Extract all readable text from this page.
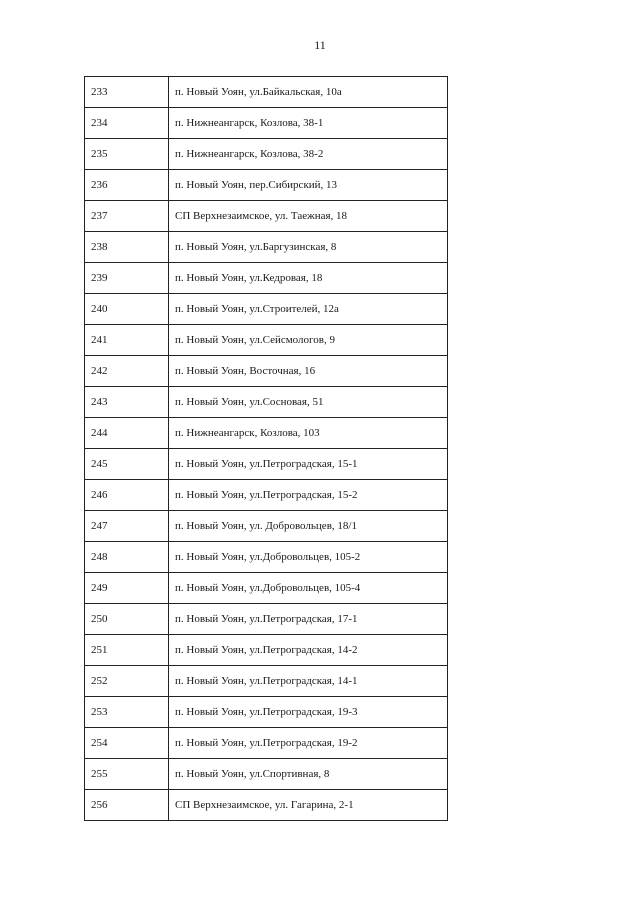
11
233	п. Новый Уоян, ул.Байкальская, 10а
234	п. Нижнеангарск, Козлова, 38-1
235	п. Нижнеангарск, Козлова, 38-2
236	п. Новый Уоян, пер.Сибирский, 13
237	СП Верхнезаимское, ул. Таежная, 18
238	п. Новый Уоян, ул.Баргузинская, 8
239	п. Новый Уоян, ул.Кедровая, 18
240	п. Новый Уоян, ул.Строителей, 12а
241	п. Новый Уоян, ул.Сейсмологов, 9
242	п. Новый Уоян, Восточная, 16
243	п. Новый Уоян, ул.Сосновая, 51
244	п. Нижнеангарск, Козлова, 103
245	п. Новый Уоян, ул.Петроградская, 15-1
246	п. Новый Уоян, ул.Петроградская, 15-2
247	п. Новый Уоян, ул. Добровольцев, 18/1
248	п. Новый Уоян, ул.Добровольцев, 105-2
249	п. Новый Уоян, ул.Добровольцев, 105-4
250	п. Новый Уоян, ул.Петроградская, 17-1
251	п. Новый Уоян, ул.Петроградская, 14-2
252	п. Новый Уоян, ул.Петроградская, 14-1
253	п. Новый Уоян, ул.Петроградская, 19-3
254	п. Новый Уоян, ул.Петроградская, 19-2
255	п. Новый Уоян, ул.Спортивная, 8
256	СП Верхнезаимское, ул. Гагарина, 2-1
